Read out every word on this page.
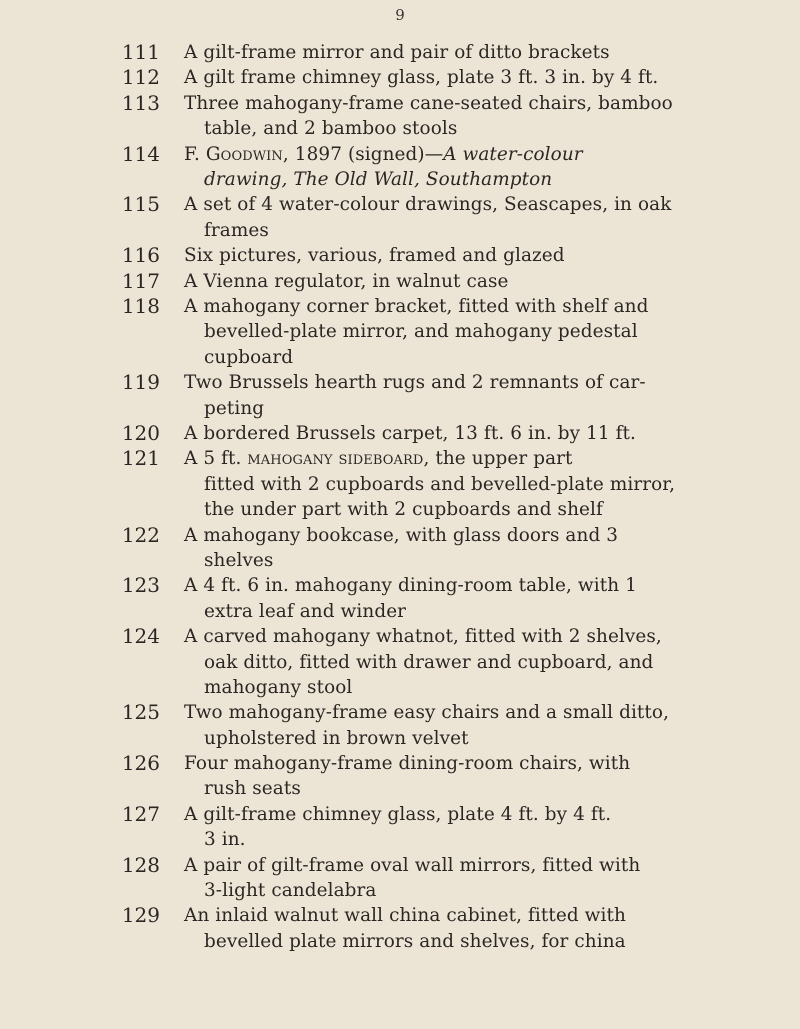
9
111 A gilt-frame mirror and pair of ditto brackets
112 A gilt frame chimney glass, plate 3 ft. 3 in. by 4 ft.
113 Three mahogany-frame cane-seated chairs, bamboo
table, and 2 bamboo stools
114 F. Goodwin, 1897 (signed)—A water-colour
drawing, The Old Wall, Southampton
115 A set of 4 water-colour drawings, Seascapes, in oak
frames
116 Six pictures, various, framed and glazed
117 A Vienna regulator, in walnut case
118 A mahogany corner bracket, fitted with shelf and
bevelled-plate mirror, and mahogany pedestal
cupboard
119 Two Brussels hearth rugs and 2 remnants of car-
peting
120 A bordered Brussels carpet, 13 ft. 6 in. by 11 ft.
121 A 5 ft. mahogany sideboard, the upper part
fitted with 2 cupboards and bevelled-plate mirror,
the under part with 2 cupboards and shelf
122 A mahogany bookcase, with glass doors and 3
shelves
123 A 4 ft. 6 in. mahogany dining-room table, with 1
extra leaf and winder
124 A carved mahogany whatnot, fitted with 2 shelves,
oak ditto, fitted with drawer and cupboard, and
mahogany stool
125 Two mahogany-frame easy chairs and a small ditto,
upholstered in brown velvet
126 Four mahogany-frame dining-room chairs, with
rush seats
127 A gilt-frame chimney glass, plate 4 ft. by 4 ft.
3 in.
128 A pair of gilt-frame oval wall mirrors, fitted with
3-light candelabra
129 An inlaid walnut wall china cabinet, fitted with
bevelled plate mirrors and shelves, for china
